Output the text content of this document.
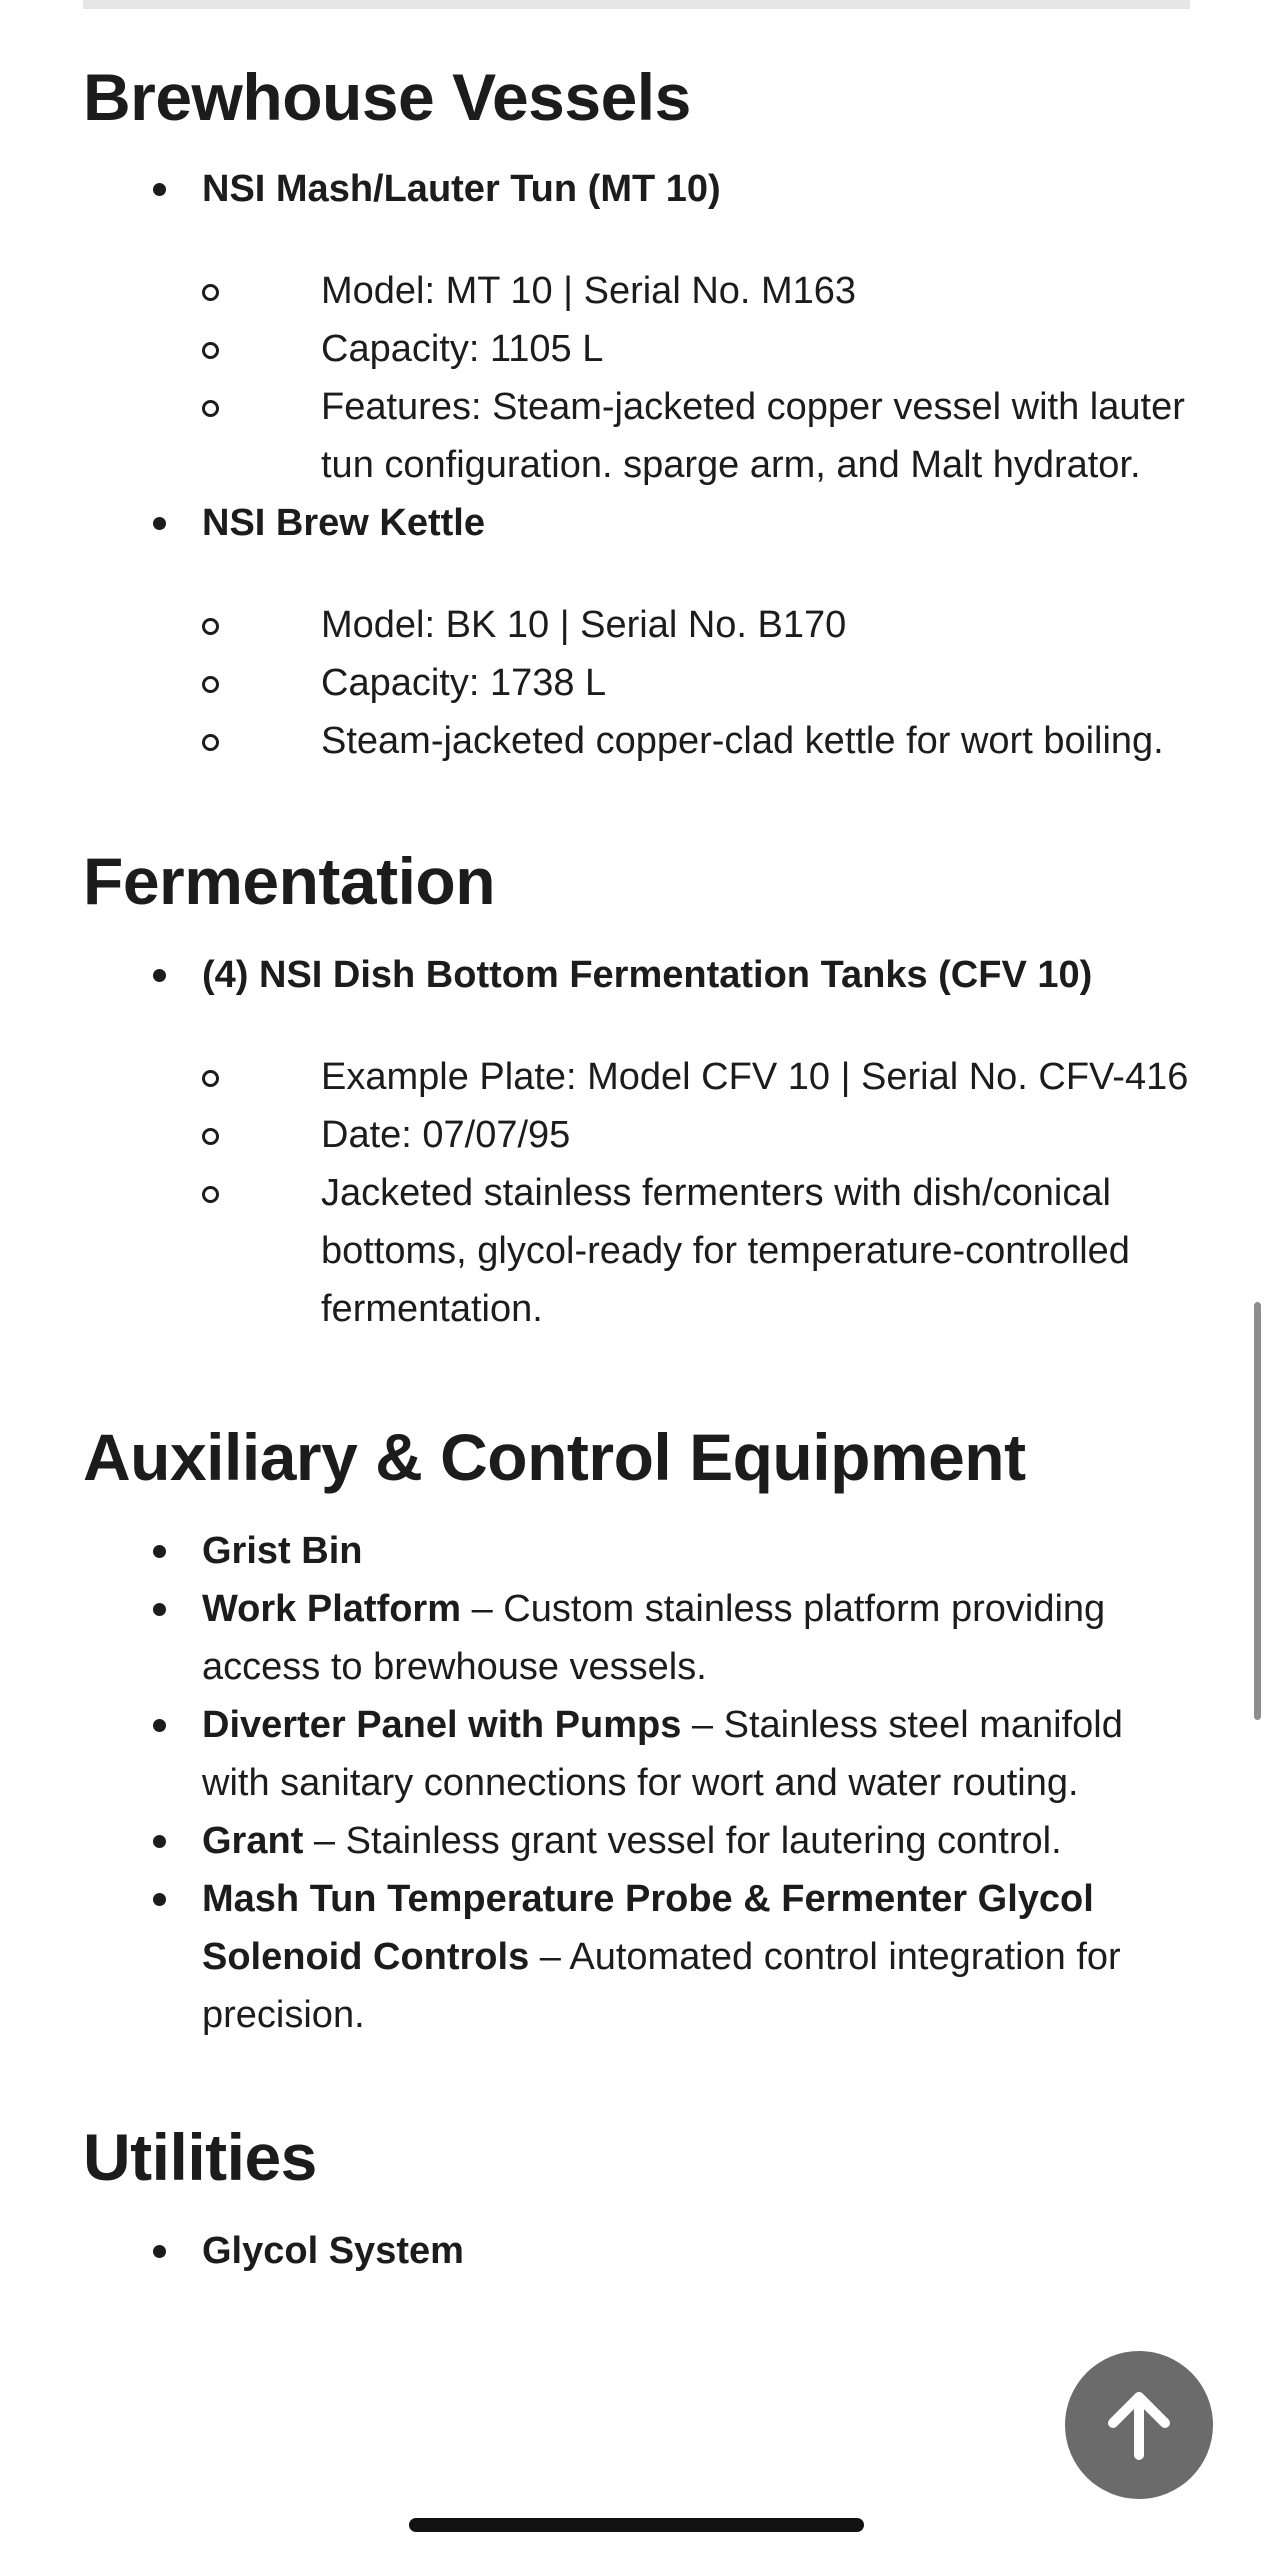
Brewhouse Vessels
NSI Mash/Lauter Tun (MT 10)
Model: MT 10 | Serial No. M163
Capacity: 1105 L
Features: Steam-jacketed copper vessel with lauter tun configuration. sparge arm, and Malt hydrator.
NSI Brew Kettle
Model: BK 10 | Serial No. B170
Capacity: 1738 L
Steam-jacketed copper-clad kettle for wort boiling.
Fermentation
(4) NSI Dish Bottom Fermentation Tanks (CFV 10)
Example Plate: Model CFV 10 | Serial No. CFV-416
Date: 07/07/95
Jacketed stainless fermenters with dish/conical bottoms, glycol-ready for temperature-controlled fermentation.
Auxiliary & Control Equipment
Grist Bin
Work Platform – Custom stainless platform providing access to brewhouse vessels.
Diverter Panel with Pumps – Stainless steel manifold with sanitary connections for wort and water routing.
Grant – Stainless grant vessel for lautering control.
Mash Tun Temperature Probe & Fermenter Glycol Solenoid Controls – Automated control integration for precision.
Utilities
Glycol System
